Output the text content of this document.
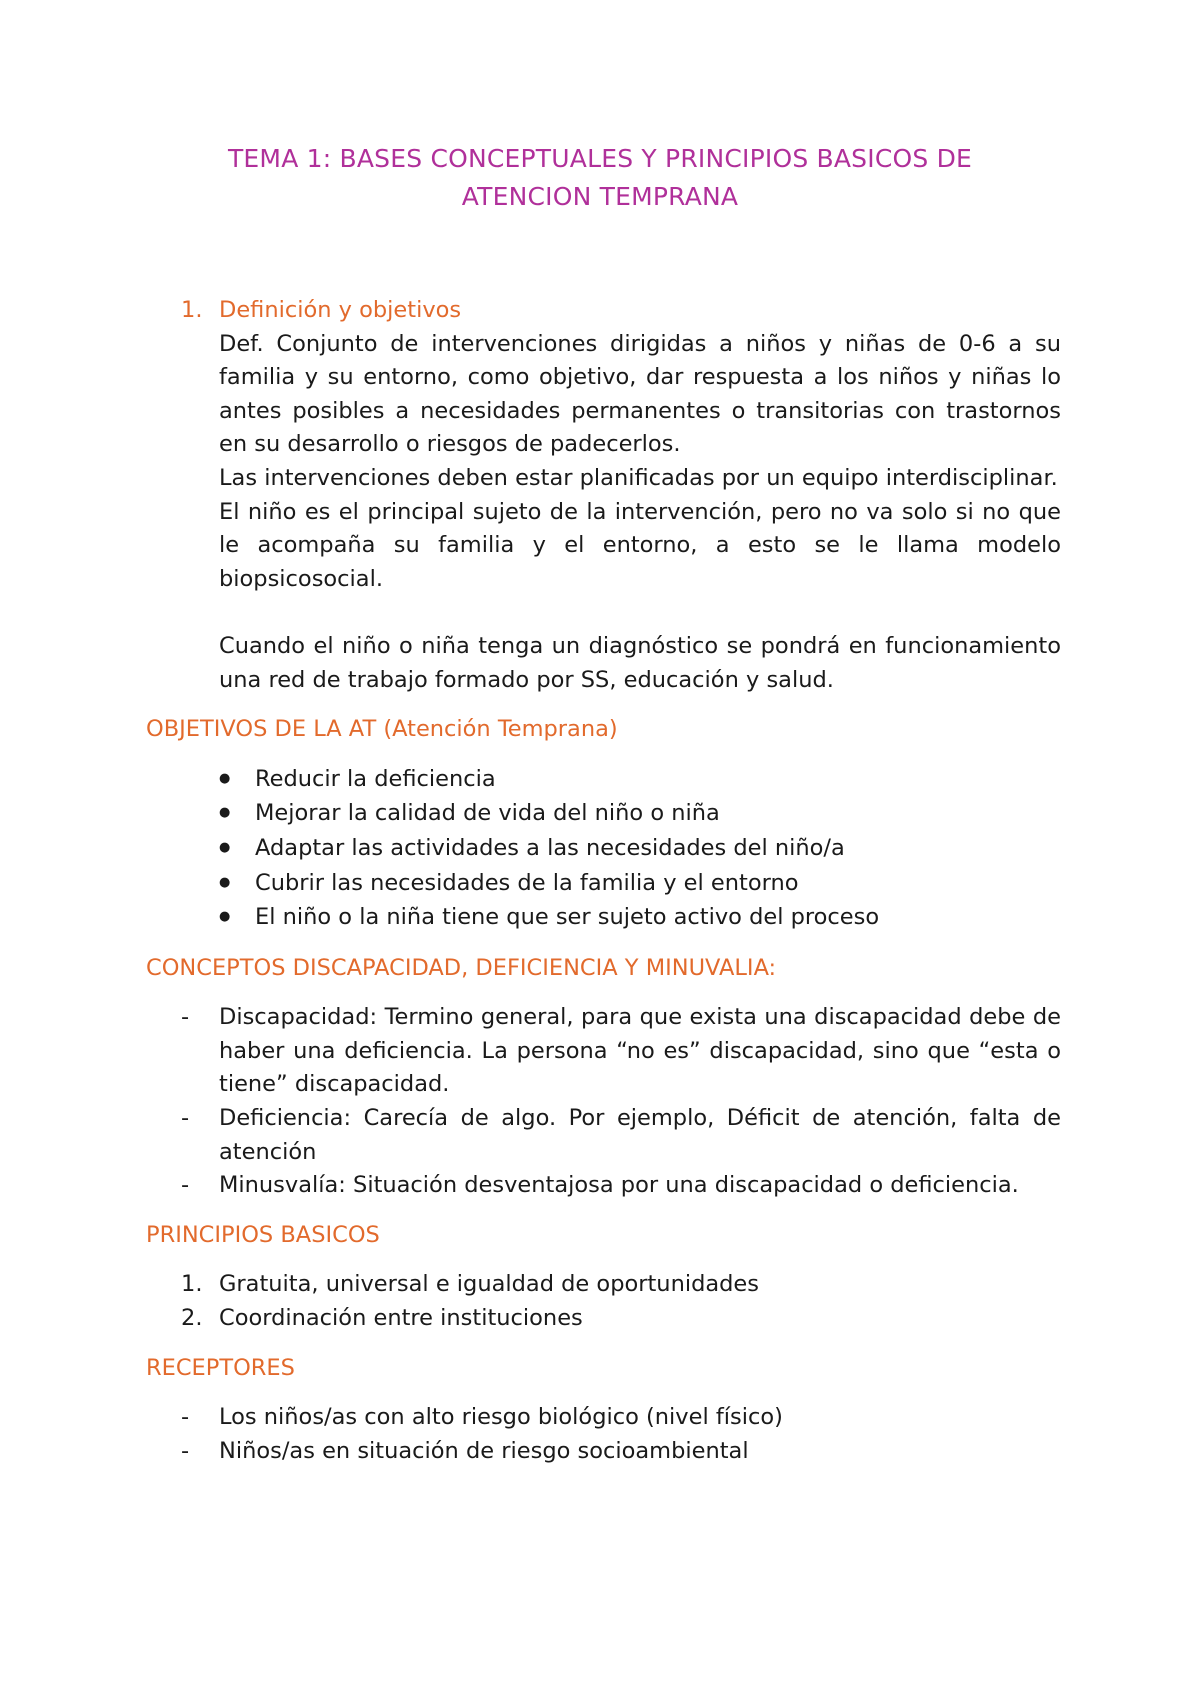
TEMA 1: BASES CONCEPTUALES Y PRINCIPIOS BASICOS DE
ATENCION TEMPRANA
1. Definición y objetivos
Def. Conjunto de intervenciones dirigidas a niños y niñas de 0-6 a su familia y su entorno, como objetivo, dar respuesta a los niños y niñas lo antes posibles a necesidades permanentes o transitorias con trastornos en su desarrollo o riesgos de padecerlos.
Las intervenciones deben estar planificadas por un equipo interdisciplinar.
El niño es el principal sujeto de la intervención, pero no va solo si no que le acompaña su familia y el entorno, a esto se le llama modelo biopsicosocial.
Cuando el niño o niña tenga un diagnóstico se pondrá en funcionamiento una red de trabajo formado por SS, educación y salud.
OBJETIVOS DE LA AT (Atención Temprana)
●
Reducir la deficiencia
●
Mejorar la calidad de vida del niño o niña
●
Adaptar las actividades a las necesidades del niño/a
●
Cubrir las necesidades de la familia y el entorno
●
El niño o la niña tiene que ser sujeto activo del proceso
CONCEPTOS DISCAPACIDAD, DEFICIENCIA Y MINUVALIA:
-	Discapacidad: Termino general, para que exista una discapacidad debe de haber una deficiencia. La persona “no es” discapacidad, sino que “esta o tiene” discapacidad.
-	Deficiencia: Carecía de algo. Por ejemplo, Déficit de atención, falta de atención
-	Minusvalía: Situación desventajosa por una discapacidad o deficiencia.
PRINCIPIOS BASICOS
1. Gratuita, universal e igualdad de oportunidades
2. Coordinación entre instituciones
RECEPTORES
-	Los niños/as con alto riesgo biológico (nivel físico)
-	Niños/as en situación de riesgo socioambiental
